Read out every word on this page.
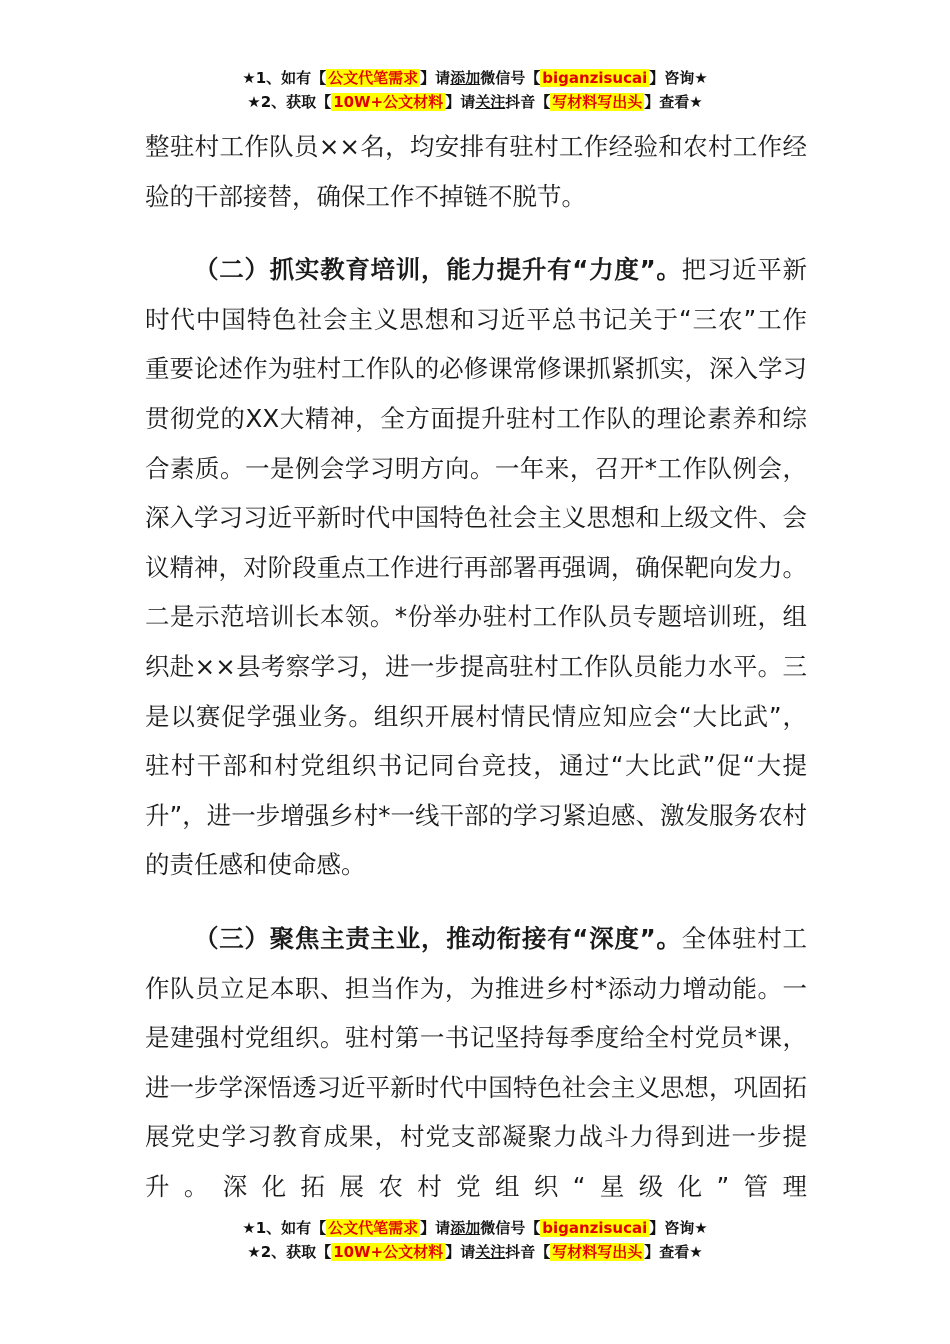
★1、如有【 公文代笔需求 】请添加微信号【 biganzisucai 】咨询★
★2、获取【 10W+公文材料 】请关注抖音【 写材料写出头 】查看★

整驻村工作队员××名，均安排有驻村工作经验和农村工作经验的干部接替，确保工作不掉链不脱节。

（二）抓实教育培训，能力提升有“力度”。把习近平新时代中国特色社会主义思想和习近平总书记关于“三农”工作重要论述作为驻村工作队的必修课常修课抓紧抓实，深入学习贯彻党的XX大精神，全方面提升驻村工作队的理论素养和综合素质。一是例会学习明方向。一年来，召开*工作队例会，深入学习习近平新时代中国特色社会主义思想和上级文件、会议精神，对阶段重点工作进行再部署再强调，确保靶向发力。二是示范培训长本领。*份举办驻村工作队员专题培训班，组织赴××县考察学习，进一步提高驻村工作队员能力水平。三是以赛促学强业务。组织开展村情民情应知应会“大比武”，驻村干部和村党组织书记同台竞技，通过“大比武”促“大提升”，进一步增强乡村*一线干部的学习紧迫感、激发服务农村的责任感和使命感。

（三）聚焦主责主业，推动衔接有“深度”。全体驻村工作队员立足本职、担当作为，为推进乡村*添动力增动能。一是建强村党组织。驻村第一书记坚持每季度给全村党员*课，进一步学深悟透习近平新时代中国特色社会主义思想，巩固拓展党史学习教育成果，村党支部凝聚力战斗力得到进一步提升。深化拓展农村党组织“星级化”管理

★1、如有【 公文代笔需求 】请添加微信号【 biganzisucai 】咨询★
★2、获取【 10W+公文材料 】请关注抖音【 写材料写出头 】查看★
